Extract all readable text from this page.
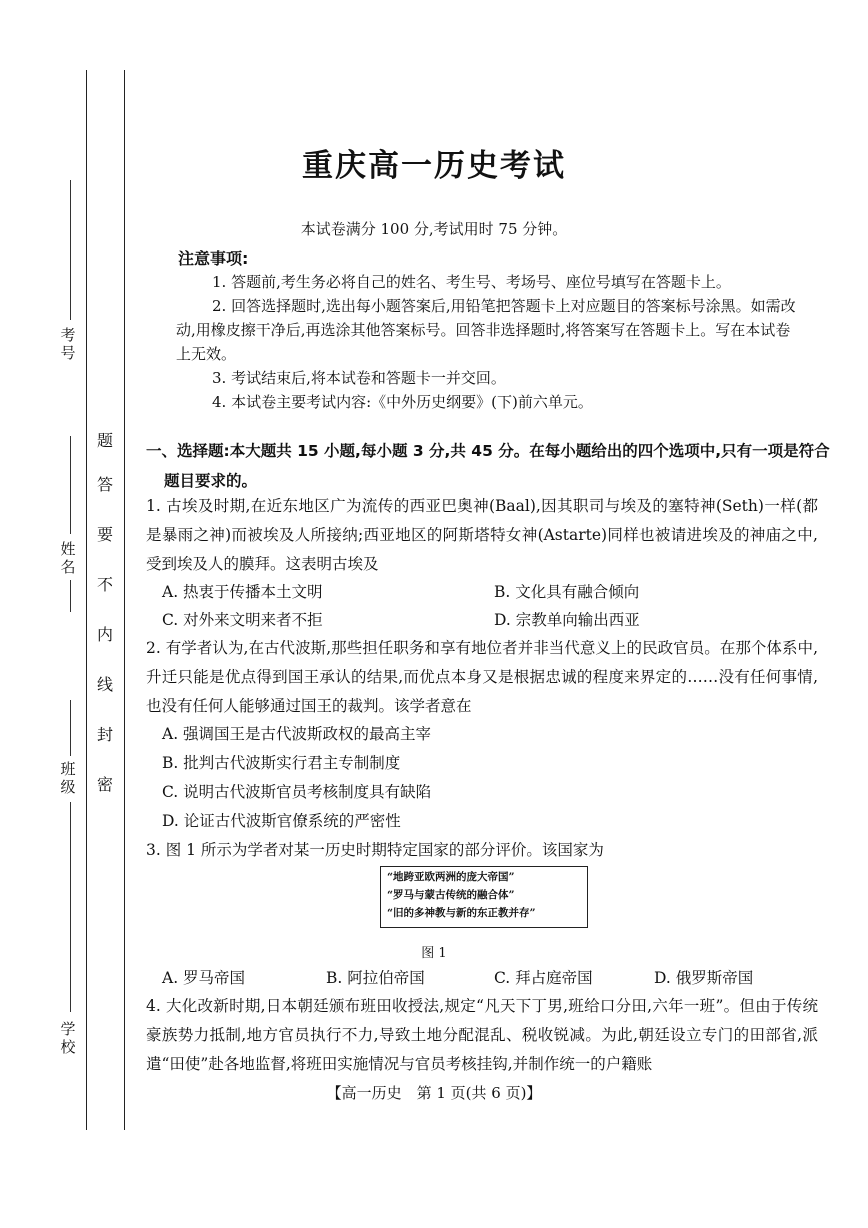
考号
姓名
班级
学校
题
答
要
不
内
线
封
密
重庆高一历史考试
本试卷满分 100 分,考试用时 75 分钟。
注意事项:
1. 答题前,考生务必将自己的姓名、考生号、考场号、座位号填写在答题卡上。
2. 回答选择题时,选出每小题答案后,用铅笔把答题卡上对应题目的答案标号涂黑。如需改动,用橡皮擦干净后,再选涂其他答案标号。回答非选择题时,将答案写在答题卡上。写在本试卷上无效。
3. 考试结束后,将本试卷和答题卡一并交回。
4. 本试卷主要考试内容:《中外历史纲要》(下)前六单元。
一、选择题:本大题共 15 小题,每小题 3 分,共 45 分。在每小题给出的四个选项中,只有一项是符合题目要求的。
1. 古埃及时期,在近东地区广为流传的西亚巴奥神(Baal),因其职司与埃及的塞特神(Seth)一样(都是暴雨之神)而被埃及人所接纳;西亚地区的阿斯塔特女神(Astarte)同样也被请进埃及的神庙之中,受到埃及人的膜拜。这表明古埃及
A. 热衷于传播本土文明	B. 文化具有融合倾向
C. 对外来文明来者不拒	D. 宗教单向输出西亚
2. 有学者认为,在古代波斯,那些担任职务和享有地位者并非当代意义上的民政官员。在那个体系中,升迁只能是优点得到国王承认的结果,而优点本身又是根据忠诚的程度来界定的……没有任何事情,也没有任何人能够通过国王的裁判。该学者意在
A. 强调国王是古代波斯政权的最高主宰
B. 批判古代波斯实行君主专制制度
C. 说明古代波斯官员考核制度具有缺陷
D. 论证古代波斯官僚系统的严密性
3. 图 1 所示为学者对某一历史时期特定国家的部分评价。该国家为
“地跨亚欧两洲的庞大帝国”
“罗马与蒙古传统的融合体”
“旧的多神教与新的东正教并存”
图 1
A. 罗马帝国	B. 阿拉伯帝国	C. 拜占庭帝国	D. 俄罗斯帝国
4. 大化改新时期,日本朝廷颁布班田收授法,规定“凡天下丁男,班给口分田,六年一班”。但由于传统豪族势力抵制,地方官员执行不力,导致土地分配混乱、税收锐减。为此,朝廷设立专门的田部省,派遣“田使”赴各地监督,将班田实施情况与官员考核挂钩,并制作统一的户籍账
【高一历史　第 1 页(共 6 页)】
